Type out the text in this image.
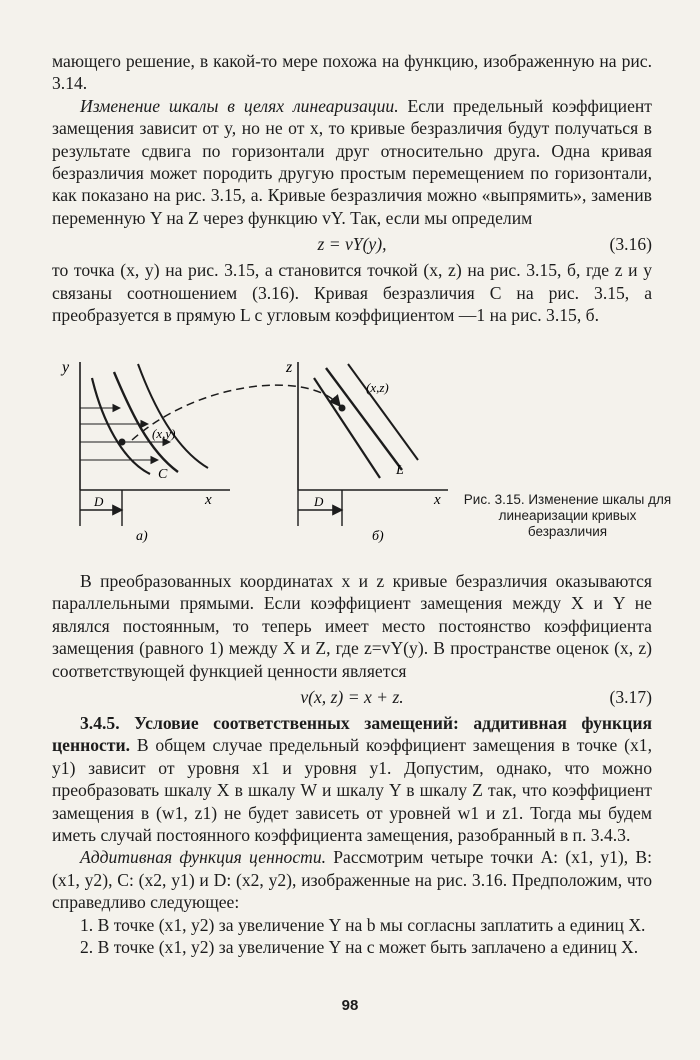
мающего решение, в какой-то мере похожа на функцию, изображенную на рис. 3.14.

Изменение шкалы в целях линеаризации. Если предельный коэффициент замещения зависит от y, но не от x, то кривые безразличия будут получаться в результате сдвига по горизонтали друг относительно друга. Одна кривая безразличия может породить другую простым перемещением по горизонтали, как показано на рис. 3.15, а. Кривые безразличия можно «выпрямить», заменив переменную Y на Z через функцию vY. Так, если мы определим

z = vY(y),	(3.16)

то точка (x, y) на рис. 3.15, а становится точкой (x, z) на рис. 3.15, б, где z и y связаны соотношением (3.16). Кривая безразличия C на рис. 3.15, а преобразуется в прямую L с угловым коэффициентом —1 на рис. 3.15, б.

y
x
(x,y)
C
D
а)
z
x
(x,z)
L
D
б)
Рис. 3.15. Изменение шкалы для линеаризации кривых безразличия

В преобразованных координатах x и z кривые безразличия оказываются параллельными прямыми. Если коэффициент замещения между X и Y не являлся постоянным, то теперь имеет место постоянство коэффициента замещения (равного 1) между X и Z, где z=vY(y). В пространстве оценок (x, z) соответствующей функцией ценности является

v(x, z) = x + z.	(3.17)

3.4.5. Условие соответственных замещений: аддитивная функция ценности. В общем случае предельный коэффициент замещения в точке (x1, y1) зависит от уровня x1 и уровня y1. Допустим, однако, что можно преобразовать шкалу X в шкалу W и шкалу Y в шкалу Z так, что коэффициент замещения в (w1, z1) не будет зависеть от уровней w1 и z1. Тогда мы будем иметь случай постоянного коэффициента замещения, разобранный в п. 3.4.3.

Аддитивная функция ценности. Рассмотрим четыре точки A: (x1, y1), B: (x1, y2), C: (x2, y1) и D: (x2, y2), изображенные на рис. 3.16. Предположим, что справедливо следующее:

1. В точке (x1, y2) за увеличение Y на b мы согласны заплатить a единиц X.

2. В точке (x1, y2) за увеличение Y на c может быть заплачено a единиц X.

98
